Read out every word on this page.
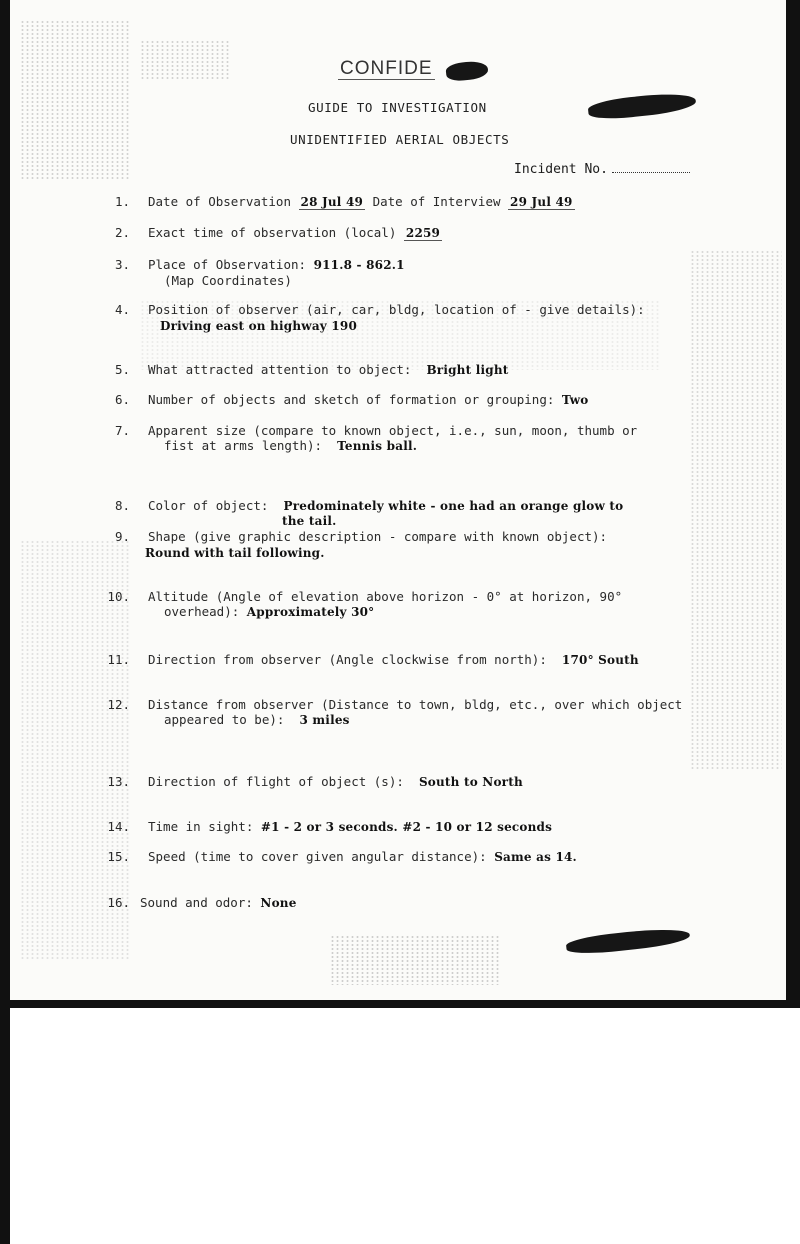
CONFIDE
GUIDE TO INVESTIGATION
UNIDENTIFIED AERIAL OBJECTS
Incident No.
1. Date of Observation 28 Jul 49 Date of Interview 29 Jul 49
2. Exact time of observation (local) 2259
3. Place of Observation: 911.8 - 862.1
(Map Coordinates)
4. Position of observer (air, car, bldg, location of - give details):
Driving east on highway 190
5. What attracted attention to object: Bright light
6. Number of objects and sketch of formation or grouping: Two
7. Apparent size (compare to known object, i.e., sun, moon, thumb or
fist at arms length): Tennis ball.
8. Color of object: Predominately white - one had an orange glow to
the tail.
9. Shape (give graphic description - compare with known object):
Round with tail following.
10. Altitude (Angle of elevation above horizon - 0° at horizon, 90°
overhead): Approximately 30°
11. Direction from observer (Angle clockwise from north): 170° South
12. Distance from observer (Distance to town, bldg, etc., over which object
appeared to be): 3 miles
13. Direction of flight of object (s): South to North
14. Time in sight: #1 - 2 or 3 seconds. #2 - 10 or 12 seconds
15. Speed (time to cover given angular distance): Same as 14.
16. Sound and odor: None
